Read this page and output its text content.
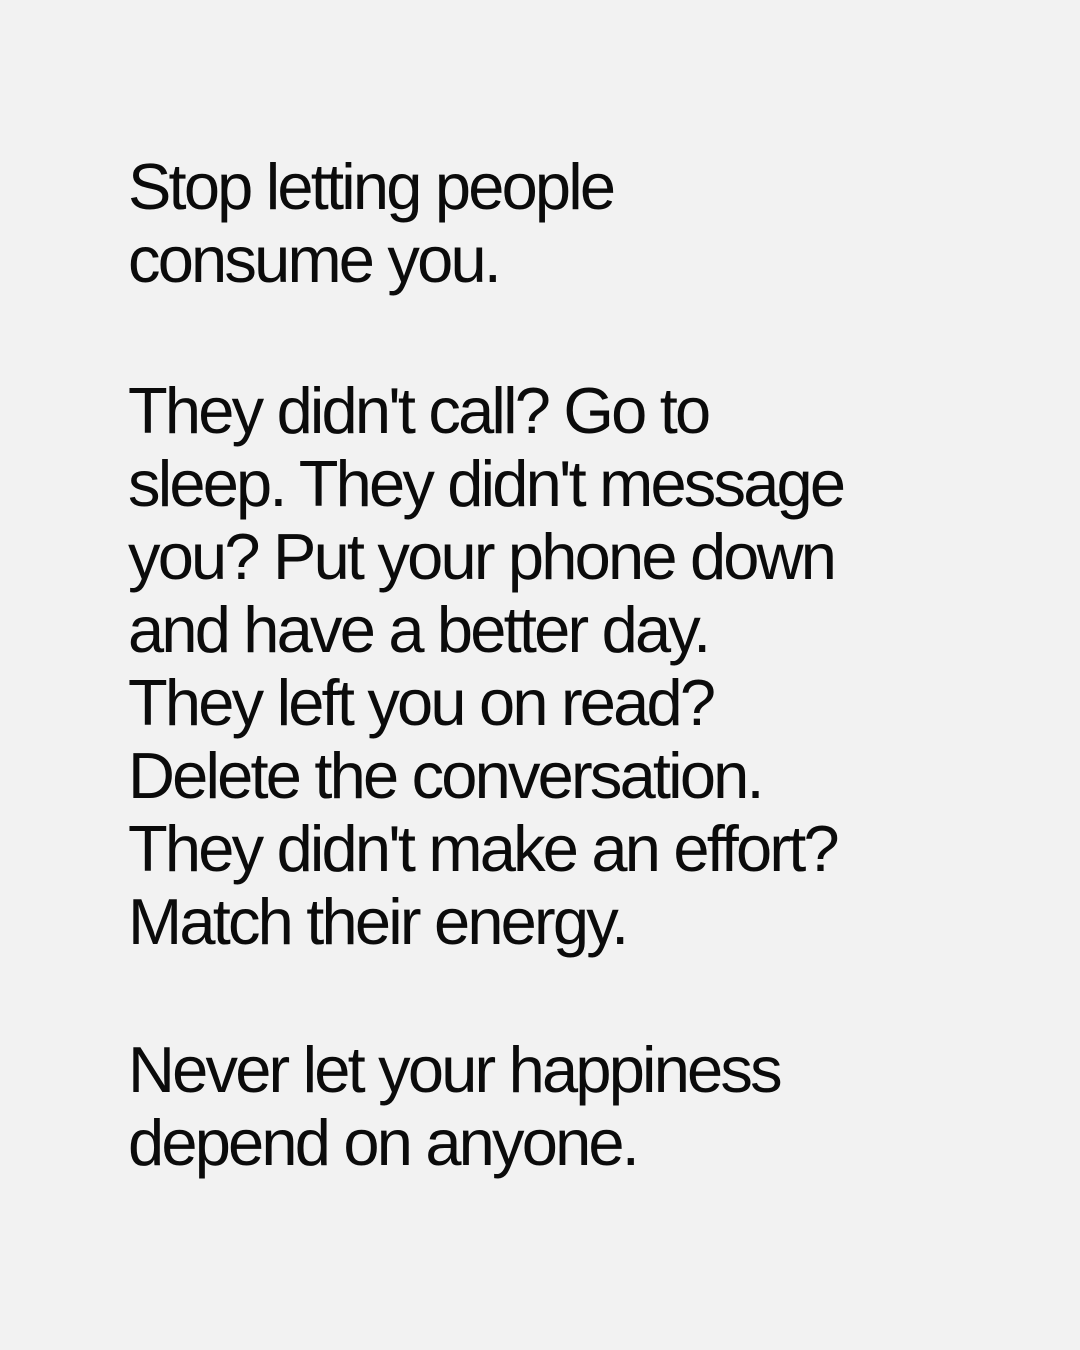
Stop letting people
consume you.

They didn't call? Go to
sleep. They didn't message
you? Put your phone down
and have a better day.
They left you on read?
Delete the conversation.
They didn't make an effort?
Match their energy.

Never let your happiness
depend on anyone.
